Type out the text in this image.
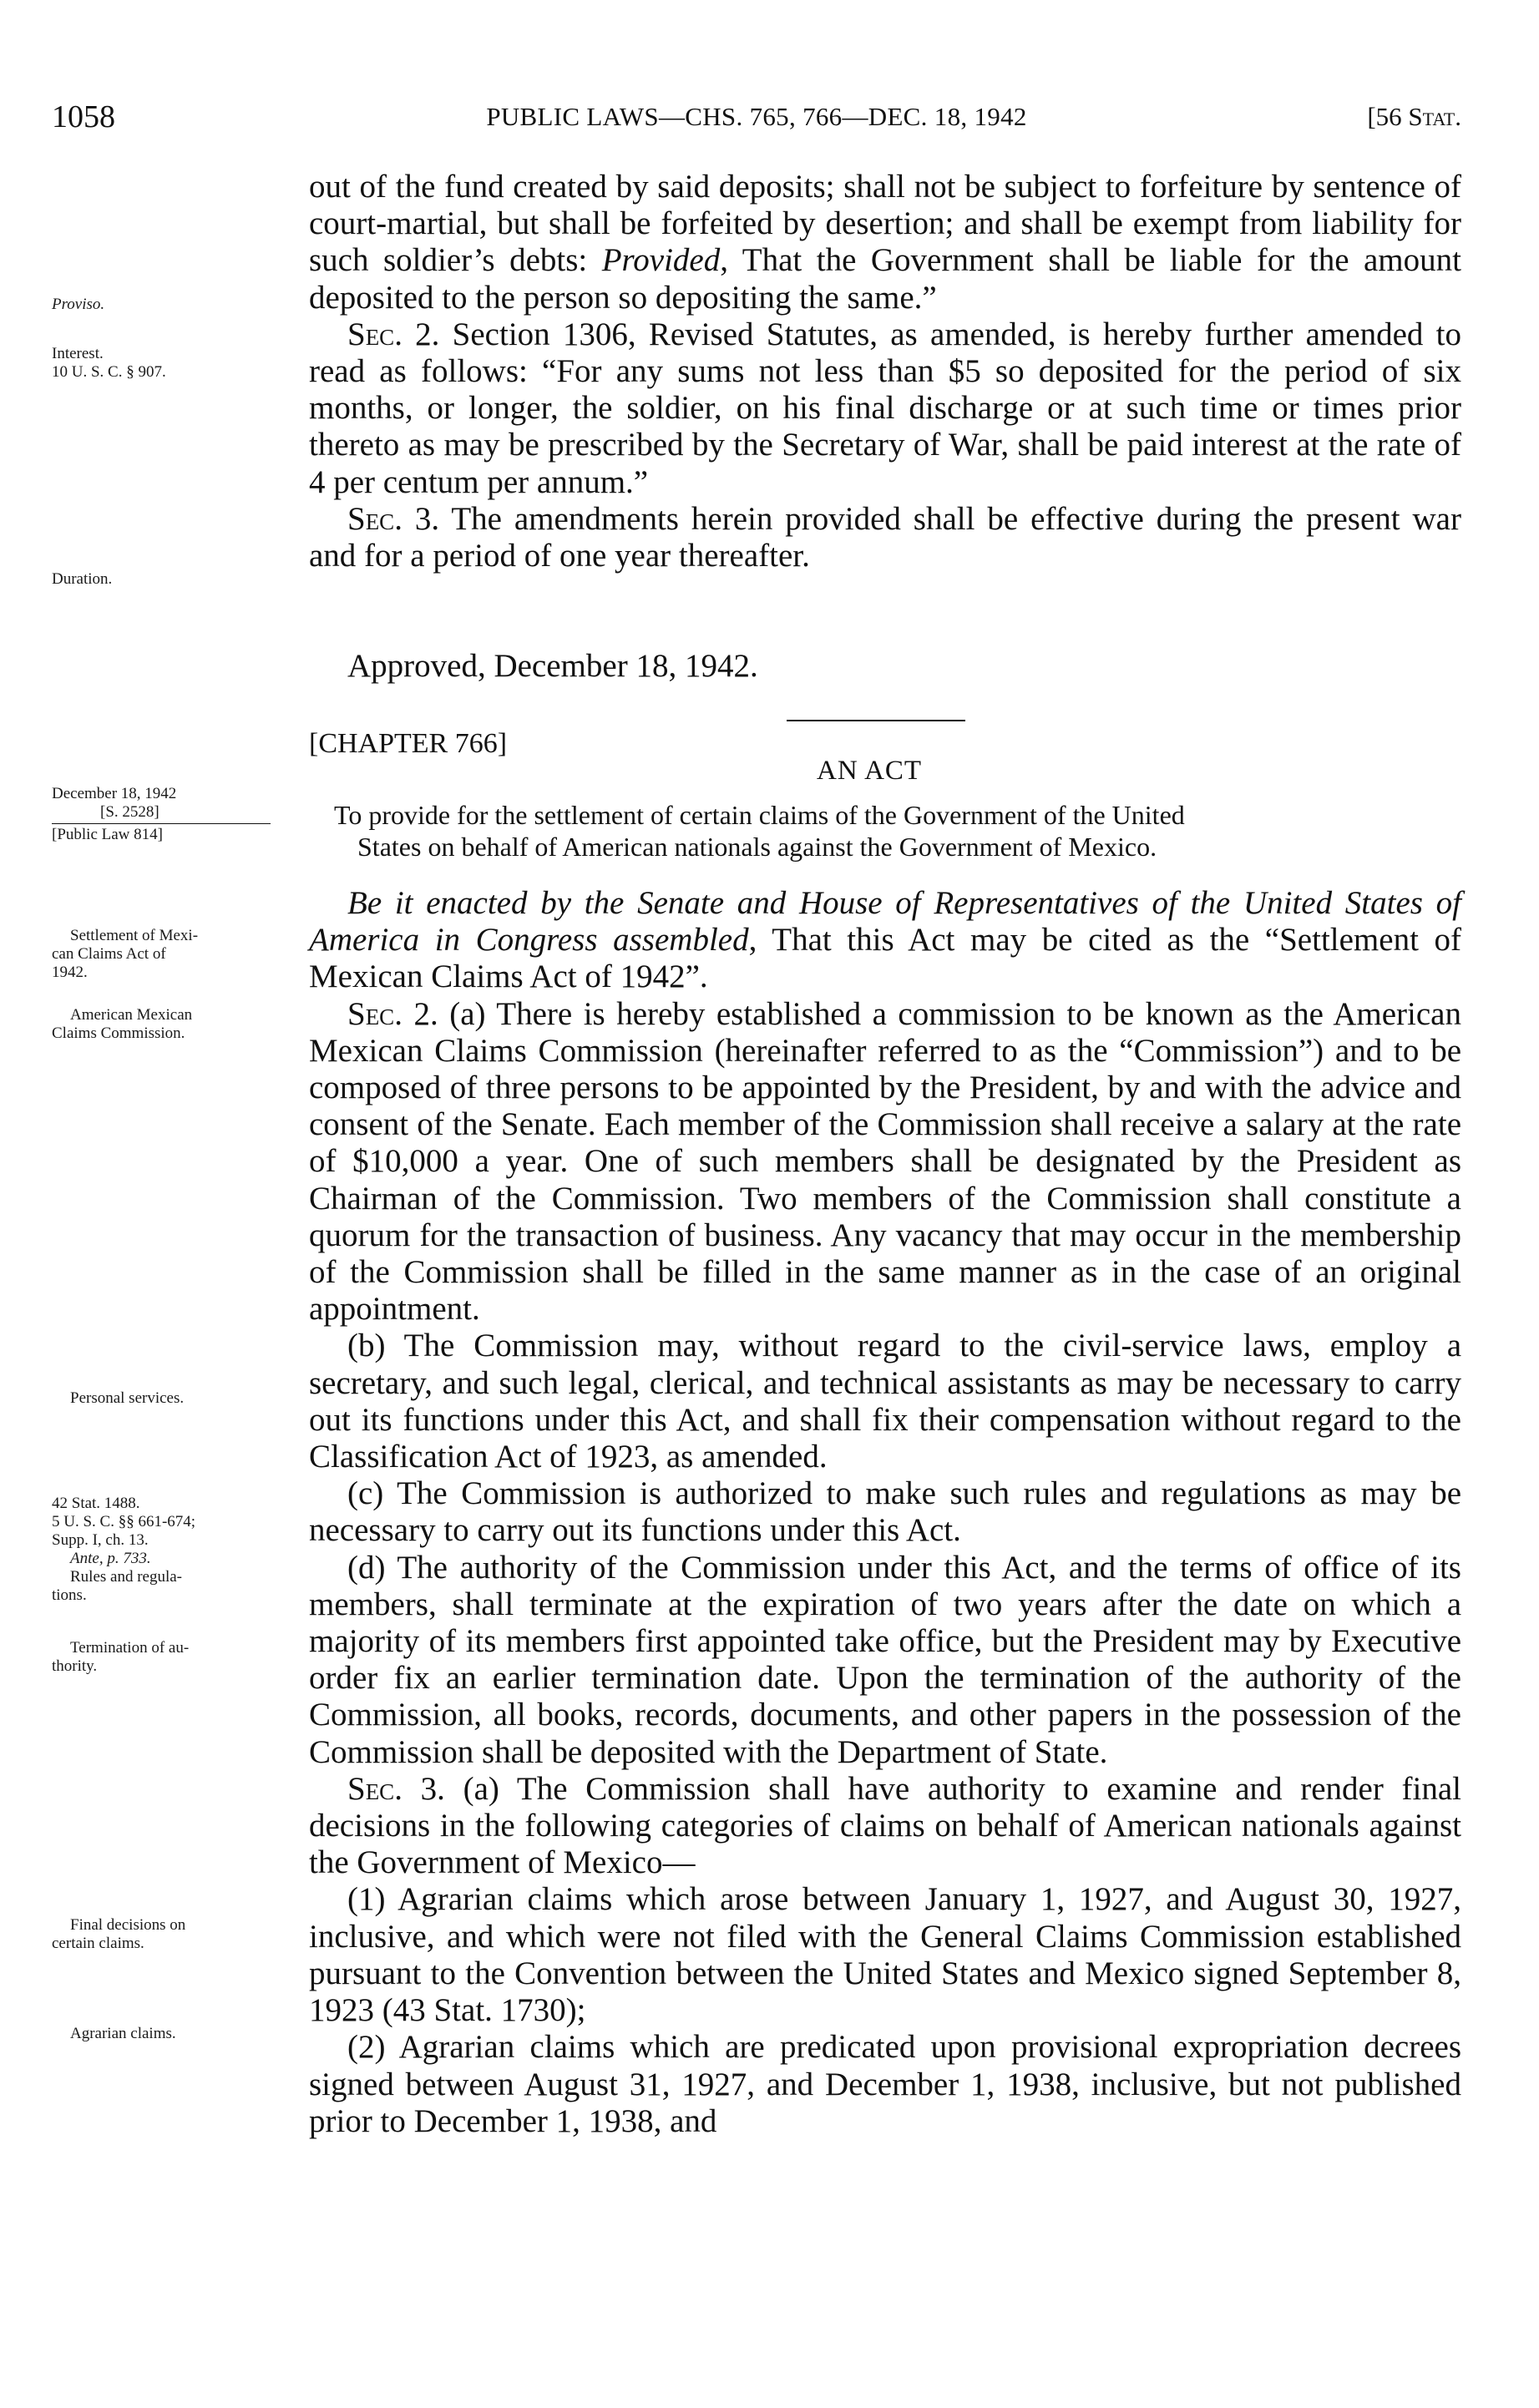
1058	PUBLIC LAWS—CHS. 765, 766—DEC. 18, 1942	[56 Stat.
Proviso.
Interest.
10 U. S. C. § 907.
Duration.
December 18, 1942
[S. 2528]
[Public Law 814]
Settlement of Mexi-
can Claims Act of
1942.
American Mexican
Claims Commission.
Personal services.
42 Stat. 1488.
5 U. S. C. §§ 661-674;
Supp. I, ch. 13.
Ante, p. 733.
Rules and regula-
tions.
Termination of au-
thority.
Final decisions on
certain claims.
Agrarian claims.

out of the fund created by said deposits; shall not be subject to forfeiture by sentence of court-martial, but shall be forfeited by desertion; and shall be exempt from liability for such soldier’s debts: Provided, That the Government shall be liable for the amount deposited to the person so depositing the same.”

Sec. 2. Section 1306, Revised Statutes, as amended, is hereby further amended to read as follows: “For any sums not less than $5 so deposited for the period of six months, or longer, the soldier, on his final discharge or at such time or times prior thereto as may be prescribed by the Secretary of War, shall be paid interest at the rate of 4 per centum per annum.”

Sec. 3. The amendments herein provided shall be effective during the present war and for a period of one year thereafter.

Approved, December 18, 1942.
[CHAPTER 766]
AN ACT
To provide for the settlement of certain claims of the Government of the United
States on behalf of American nationals against the Government of Mexico.

Be it enacted by the Senate and House of Representatives of the United States of America in Congress assembled, That this Act may be cited as the “Settlement of Mexican Claims Act of 1942”.

Sec. 2. (a) There is hereby established a commission to be known as the American Mexican Claims Commission (hereinafter referred to as the “Commission”) and to be composed of three persons to be appointed by the President, by and with the advice and consent of the Senate. Each member of the Commission shall receive a salary at the rate of $10,000 a year. One of such members shall be designated by the President as Chairman of the Commission. Two members of the Commission shall constitute a quorum for the transaction of business. Any vacancy that may occur in the membership of the Commission shall be filled in the same manner as in the case of an original appointment.

(b) The Commission may, without regard to the civil-service laws, employ a secretary, and such legal, clerical, and technical assistants as may be necessary to carry out its functions under this Act, and shall fix their compensation without regard to the Classification Act of 1923, as amended.

(c) The Commission is authorized to make such rules and regulations as may be necessary to carry out its functions under this Act.

(d) The authority of the Commission under this Act, and the terms of office of its members, shall terminate at the expiration of two years after the date on which a majority of its members first appointed take office, but the President may by Executive order fix an earlier termination date. Upon the termination of the authority of the Commission, all books, records, documents, and other papers in the possession of the Commission shall be deposited with the Department of State.

Sec. 3. (a) The Commission shall have authority to examine and render final decisions in the following categories of claims on behalf of American nationals against the Government of Mexico—

(1) Agrarian claims which arose between January 1, 1927, and August 30, 1927, inclusive, and which were not filed with the General Claims Commission established pursuant to the Convention between the United States and Mexico signed September 8, 1923 (43 Stat. 1730);

(2) Agrarian claims which are predicated upon provisional expropriation decrees signed between August 31, 1927, and December 1, 1938, inclusive, but not published prior to December 1, 1938, and
